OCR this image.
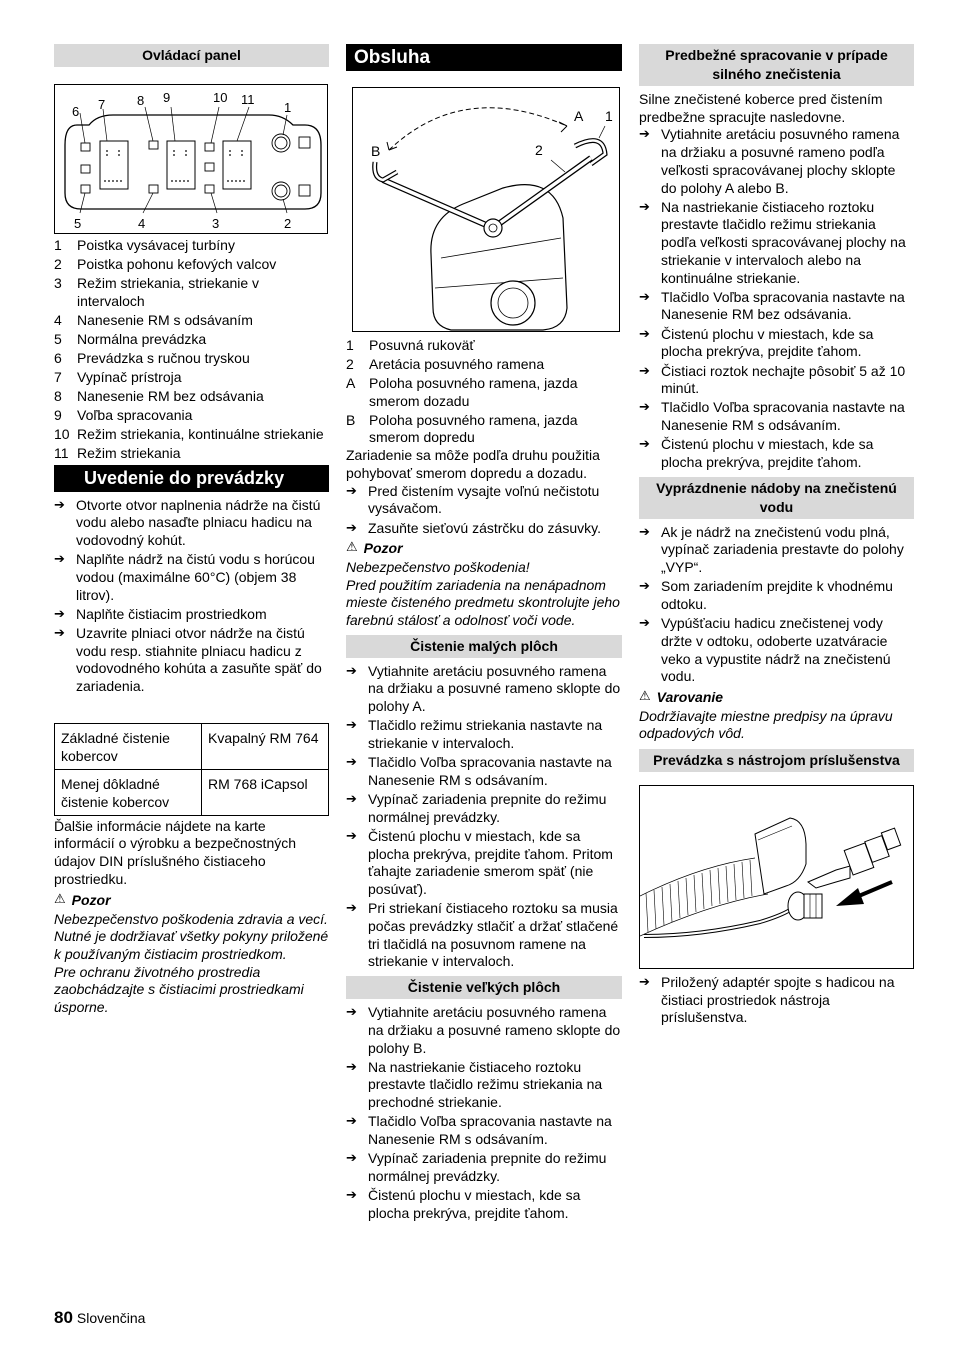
Ovládací panel
6 7 8 9	10 11
1
5	4	3	2
1	Poistka vysávacej turbíny
2	Poistka pohonu kefových valcov
3	Režim striekania, striekanie v intervaloch
4	Nanesenie RM s odsávaním
5	Normálna prevádzka
6	Prevádzka s ručnou tryskou
7	Vypínač prístroja
8	Nanesenie RM bez odsávania
9	Voľba spracovania
10 Režim striekania, kontinuálne striekanie
11 Režim striekania
Uvedenie do prevádzky
➔ Otvorte otvor naplnenia nádrže na čistú vodu alebo nasaďte plniacu hadicu na vodovodný kohút.
➔ Naplňte nádrž na čistú vodu s horúcou vodou (maximálne 60°C) (objem 38 litrov).
➔ Naplňte čistiacim prostriedkom
➔ Uzavrite plniaci otvor nádrže na čistú vodu resp. stiahnite plniacu hadicu z vodovodného kohúta a zasuňte späť do zariadenia.
Základné čistenie kobercov	Kvapalný RM 764
Menej dôkladné čistenie kobercov	RM 768 iCapsol

Ďalšie informácie nájdete na karte informácií o výrobku a bezpečnostných údajov DIN príslušného čistiaceho prostriedku.

⚠ Pozor

Nebezpečenstvo poškodenia zdravia a vecí. Nutné je dodržiavať všetky pokyny priložené k používaným čistiacim prostriedkom.

Pre ochranu životného prostredia zaobchádzajte s čistiacimi prostriedkami úsporne.

Obsluha
A 1
B	2
1	Posuvná rukoväť
2	Aretácia posuvného ramena
A Poloha posuvného ramena, jazda smerom dozadu
B Poloha posuvného ramena, jazda smerom dopredu

Zariadenie sa môže podľa druhu použitia pohybovať smerom dopredu a dozadu.

➔ Pred čistením vysajte voľnú nečistotu vysávačom.
➔ Zasuňte sieťovú zástrčku do zásuvky.
⚠ Pozor

Nebezpečenstvo poškodenia!
Pred použitím zariadenia na nenápadnom mieste čisteného predmetu skontrolujte jeho farebnú stálosť a odolnosť voči vode.

Čistenie malých plôch
➔ Vytiahnite aretáciu posuvného ramena na držiaku a posuvné rameno sklopte do polohy A.
➔ Tlačidlo režimu striekania nastavte na striekanie v intervaloch.
➔ Tlačidlo Voľba spracovania nastavte na Nanesenie RM s odsávaním.
➔ Vypínač zariadenia prepnite do režimu normálnej prevádzky.
➔ Čistenú plochu v miestach, kde sa plocha prekrýva, prejdite ťahom. Pritom ťahajte zariadenie smerom späť (nie posúvať).
➔ Pri striekaní čistiaceho roztoku sa musia počas prevádzky stlačiť a držať stlačené tri tlačidlá na posuvnom ramene na striekanie v intervaloch.
Čistenie veľkých plôch
➔ Vytiahnite aretáciu posuvného ramena na držiaku a posuvné rameno sklopte do polohy B.
➔ Na nastriekanie čistiaceho roztoku prestavte tlačidlo režimu striekania na prechodné striekanie.
➔ Tlačidlo Voľba spracovania nastavte na Nanesenie RM s odsávaním.
➔ Vypínač zariadenia prepnite do režimu normálnej prevádzky.
➔ Čistenú plochu v miestach, kde sa plocha prekrýva, prejdite ťahom.
Predbežné spracovanie v prípade silného znečistenia

Silne znečistené koberce pred čistením predbežne spracujte nasledovne.

➔ Vytiahnite aretáciu posuvného ramena na držiaku a posuvné rameno podľa veľkosti spracovávanej plochy sklopte do polohy A alebo B.
➔ Na nastriekanie čistiaceho roztoku prestavte tlačidlo režimu striekania podľa veľkosti spracovávanej plochy na striekanie v intervaloch alebo na kontinuálne striekanie.
➔ Tlačidlo Voľba spracovania nastavte na Nanesenie RM bez odsávania.
➔ Čistenú plochu v miestach, kde sa plocha prekrýva, prejdite ťahom.
➔ Čistiaci roztok nechajte pôsobiť 5 až 10 minút.
➔ Tlačidlo Voľba spracovania nastavte na Nanesenie RM s odsávaním.
➔ Čistenú plochu v miestach, kde sa plocha prekrýva, prejdite ťahom.
Vyprázdnenie nádoby na znečistenú vodu
➔ Ak je nádrž na znečistenú vodu plná, vypínač zariadenia prestavte do polohy „VYP“.
➔ Som zariadením prejdite k vhodnému odtoku.
➔ Vypúšťaciu hadicu znečistenej vody držte v odtoku, odoberte uzatváracie veko a vypustite nádrž na znečistenú vodu.
⚠ Varovanie

Dodržiavajte miestne predpisy na úpravu odpadových vôd.

Prevádzka s nástrojom príslušenstva
➔ Priložený adaptér spojte s hadicou na čistiaci prostriedok nástroja príslušenstva.
80 Slovenčina
